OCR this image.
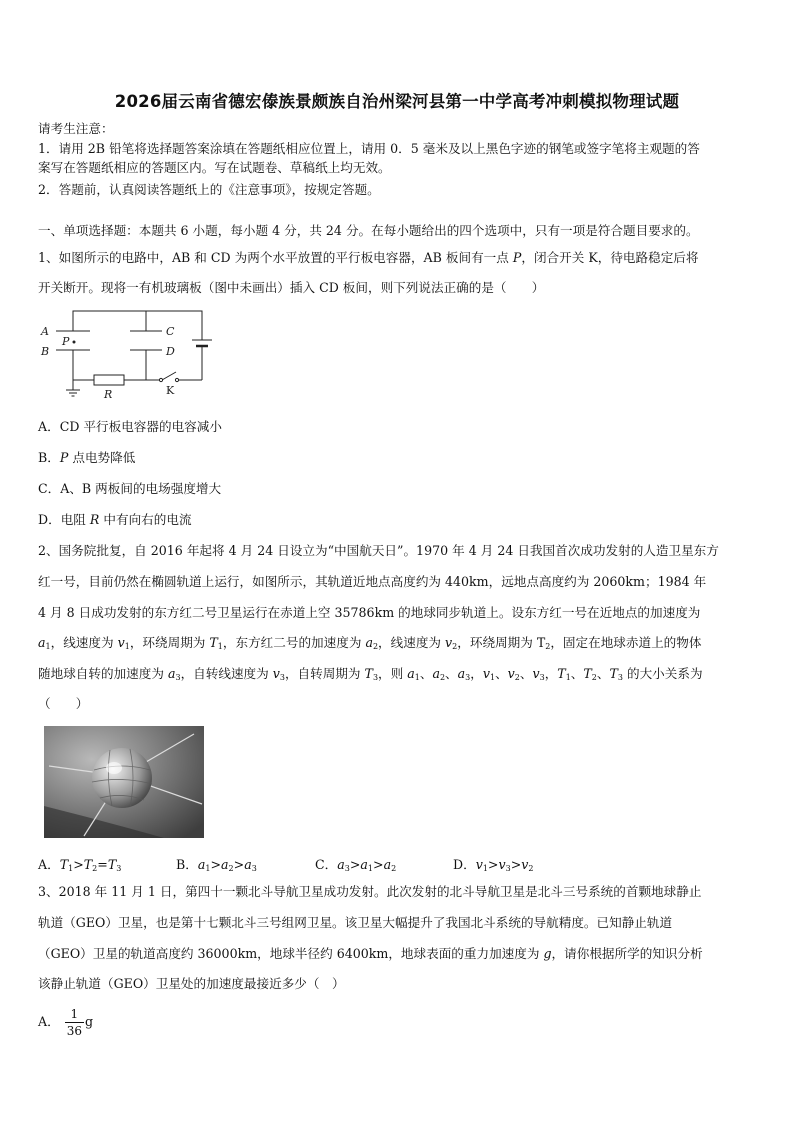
2026届云南省德宏傣族景颇族自治州梁河县第一中学高考冲刺模拟物理试题
请考生注意：
1．请用 2B 铅笔将选择题答案涂填在答题纸相应位置上，请用 0．5 毫米及以上黑色字迹的钢笔或签字笔将主观题的答
案写在答题纸相应的答题区内。写在试题卷、草稿纸上均无效。
2．答题前，认真阅读答题纸上的《注意事项》，按规定答题。
一、单项选择题：本题共 6 小题，每小题 4 分，共 24 分。在每小题给出的四个选项中，只有一项是符合题目要求的。
1、如图所示的电路中，AB 和 CD 为两个水平放置的平行板电容器，AB 板间有一点 P，闭合开关 K，待电路稳定后将
开关断开。现将一有机玻璃板（图中未画出）插入 CD 板间，则下列说法正确的是（　　）
A
B
P
C
D
R	K
A．CD 平行板电容器的电容减小
B．P 点电势降低
C．A、B 两板间的电场强度增大
D．电阻 R 中有向右的电流
2、国务院批复，自 2016 年起将 4 月 24 日设立为“中国航天日”。1970 年 4 月 24 日我国首次成功发射的人造卫星东方
红一号，目前仍然在椭圆轨道上运行，如图所示，其轨道近地点高度约为 440km，远地点高度约为 2060km；1984 年
4 月 8 日成功发射的东方红二号卫星运行在赤道上空 35786km 的地球同步轨道上。设东方红一号在近地点的加速度为
$a_1$，线速度为 $v_1$，环绕周期为 $T_1$，东方红二号的加速度为 $a_2$，线速度为 $v_2$，环绕周期为 $T_2$，固定在地球赤道上的物体
随地球自转的加速度为 $a_3$，自转线速度为 $v_3$，自转周期为 $T_3$，则 $a_1$、$a_2$、$a_3$，$v_1$、$v_2$、$v_3$，$T_1$、$T_2$、$T_3$ 的大小关系为
（　　）
A．$T_1>T_2=T_3$	B．$a_1>a_2>a_3$	C．$a_3>a_1>a_2$	D．$v_1>v_3>v_2$
3、2018 年 11 月 1 日，第四十一颗北斗导航卫星成功发射。此次发射的北斗导航卫星是北斗三号系统的首颗地球静止
轨道（GEO）卫星，也是第十七颗北斗三号组网卫星。该卫星大幅提升了我国北斗系统的导航精度。已知静止轨道
（GEO）卫星的轨道高度约 36000km，地球半径约 6400km，地球表面的重力加速度为 g，请你根据所学的知识分析
该静止轨道（GEO）卫星处的加速度最接近多少（　）
A． $\frac{1}{36}$ g
